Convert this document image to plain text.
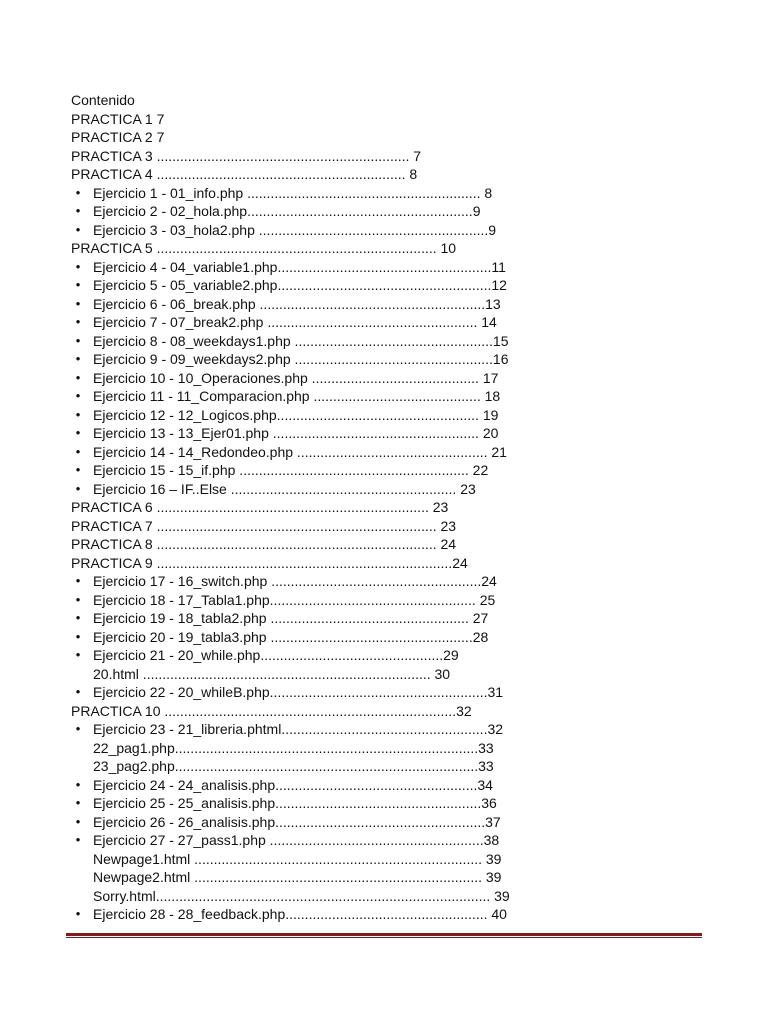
Contenido
PRACTICA 1 7
PRACTICA 2 7
PRACTICA 3 ................................................................. 7
PRACTICA 4 ................................................................ 8
• Ejercicio 1 - 01_info.php ............................................................ 8
• Ejercicio 2 - 02_hola.php..........................................................9
• Ejercicio 3 - 03_hola2.php ...........................................................9
PRACTICA 5 ........................................................................ 10
• Ejercicio 4 - 04_variable1.php.......................................................11
• Ejercicio 5 - 05_variable2.php.......................................................12
• Ejercicio 6 - 06_break.php ..........................................................13
• Ejercicio 7 - 07_break2.php ...................................................... 14
• Ejercicio 8 - 08_weekdays1.php ...................................................15
• Ejercicio 9 - 09_weekdays2.php ...................................................16
• Ejercicio 10 - 10_Operaciones.php ........................................... 17
• Ejercicio 11 - 11_Comparacion.php ........................................... 18
• Ejercicio 12 - 12_Logicos.php.................................................... 19
• Ejercicio 13 - 13_Ejer01.php ..................................................... 20
• Ejercicio 14 - 14_Redondeo.php ................................................. 21
• Ejercicio 15 - 15_if.php ........................................................... 22
• Ejercicio 16 – IF..Else .......................................................... 23
PRACTICA 6 ...................................................................... 23
PRACTICA 7 ........................................................................ 23
PRACTICA 8 ........................................................................ 24
PRACTICA 9 ............................................................................24
• Ejercicio 17 - 16_switch.php ......................................................24
• Ejercicio 18 - 17_Tabla1.php..................................................... 25
• Ejercicio 19 - 18_tabla2.php ................................................... 27
• Ejercicio 20 - 19_tabla3.php ....................................................28
• Ejercicio 21 - 20_while.php...............................................29
20.html .......................................................................... 30
• Ejercicio 22 - 20_whileB.php........................................................31
PRACTICA 10 ...........................................................................32
• Ejercicio 23 - 21_libreria.phtml.....................................................32
22_pag1.php..............................................................................33
23_pag2.php..............................................................................33
• Ejercicio 24 - 24_analisis.php....................................................34
• Ejercicio 25 - 25_analisis.php.....................................................36
• Ejercicio 26 - 26_analisis.php......................................................37
• Ejercicio 27 - 27_pass1.php .......................................................38
Newpage1.html .......................................................................... 39
Newpage2.html .......................................................................... 39
Sorry.html...................................................................................... 39
• Ejercicio 28 - 28_feedback.php.................................................... 40
